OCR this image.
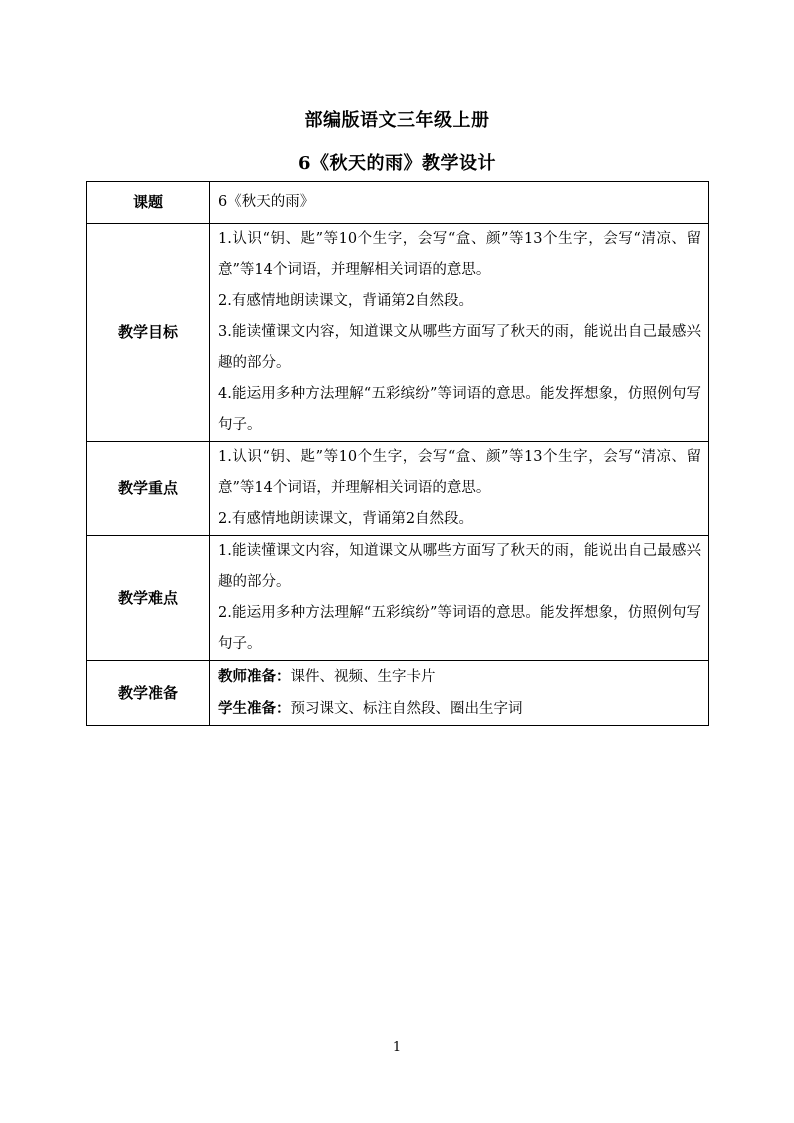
部编版语文三年级上册
6《秋天的雨》教学设计
课题	6《秋天的雨》
教学目标	1.认识“钥、匙”等10个生字，会写“盒、颜”等13个生字，会写“清凉、留意”等14个词语，并理解相关词语的意思。
2.有感情地朗读课文，背诵第2自然段。
3.能读懂课文内容，知道课文从哪些方面写了秋天的雨，能说出自己最感兴趣的部分。
4.能运用多种方法理解“五彩缤纷”等词语的意思。能发挥想象，仿照例句写句子。

教学重点	1.认识“钥、匙”等10个生字，会写“盒、颜”等13个生字，会写“清凉、留意”等14个词语，并理解相关词语的意思。
2.有感情地朗读课文，背诵第2自然段。

教学难点	1.能读懂课文内容，知道课文从哪些方面写了秋天的雨，能说出自己最感兴趣的部分。
2.能运用多种方法理解“五彩缤纷”等词语的意思。能发挥想象，仿照例句写句子。

教学准备	教师准备：课件、视频、生字卡片
学生准备：预习课文、标注自然段、圈出生字词
1
